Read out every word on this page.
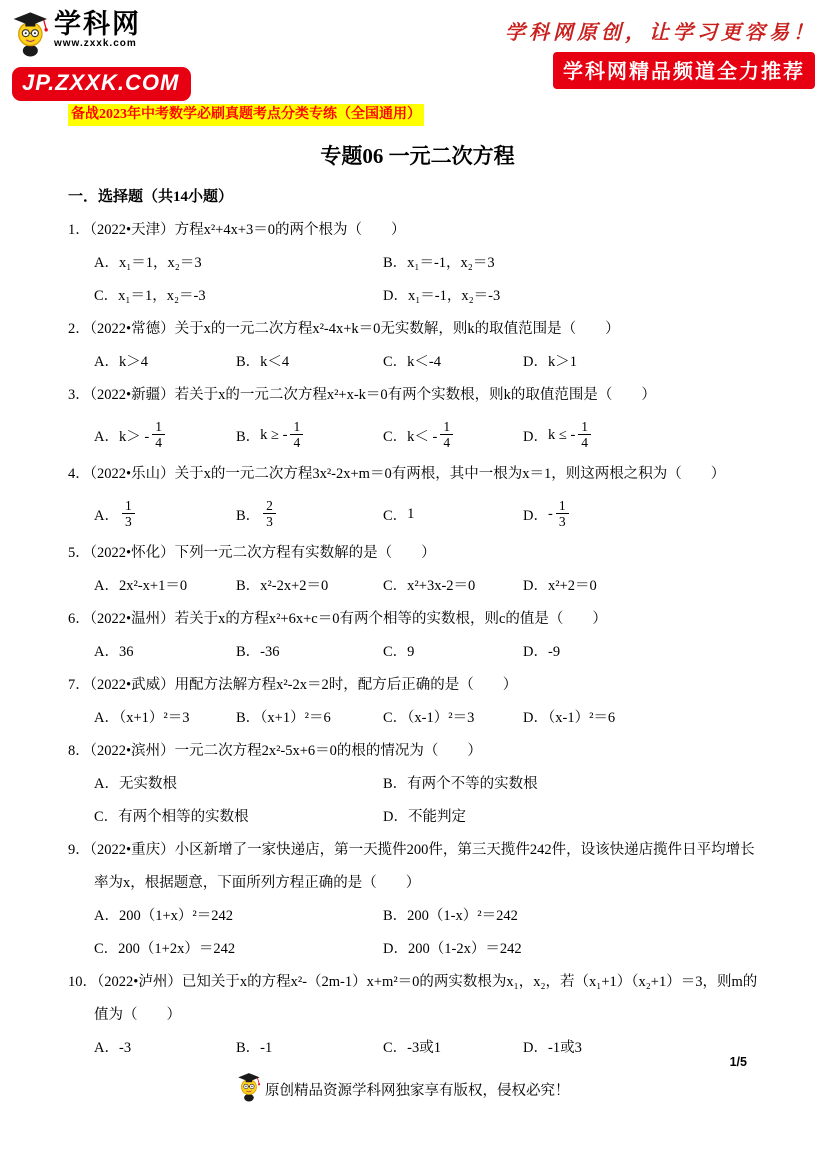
学科网
www.zxxk.com
JP.ZXXK.COM
学科网原创，让学习更容易！
学科网精品频道全力推荐
备战2023年中考数学必刷真题考点分类专练（全国通用）
专题06 一元二次方程
一．选择题（共14小题）
1．（2022•天津）方程x²+4x+3＝0的两个根为（　　）
A．x₁＝1，x₂＝3	B．x₁＝-1，x₂＝3
C．x₁＝1，x₂＝-3	D．x₁＝-1，x₂＝-3
2．（2022•常德）关于x的一元二次方程x²-4x+k＝0无实数解，则k的取值范围是（　　）
A．k＞4	B．k＜4	C．k＜-4	D．k＞1
3．（2022•新疆）若关于x的一元二次方程x²+x-k＝0有两个实数根，则k的取值范围是（　　）
A． $k> - \frac{1}{4}$	B． k ≥ - $\frac{1}{4}$	C． $k< - \frac{1}{4}$	D． k ≤ - $\frac{1}{4}$
4．（2022•乐山）关于x的一元二次方程3x²-2x+m＝0有两根，其中一根为x＝1，则这两根之积为（　　）
A． $\frac{1}{3}$	B． $\frac{2}{3}$	C． 1	D． - $\frac{1}{3}$
5．（2022•怀化）下列一元二次方程有实数解的是（　　）
A．2x²-x+1＝0	B．x²-2x+2＝0	C．x²+3x-2＝0	D．x²+2＝0
6．（2022•温州）若关于x的方程x²+6x+c＝0有两个相等的实数根，则c的值是（　　）
A．36	B．-36	C．9	D．-9
7．（2022•武威）用配方法解方程x²-2x＝2时，配方后正确的是（　　）
A．（x+1）²＝3	B．（x+1）²＝6	C．（x-1）²＝3	D．（x-1）²＝6
8．（2022•滨州）一元二次方程2x²-5x+6＝0的根的情况为（　　）
A．无实数根	B．有两个不等的实数根
C．有两个相等的实数根	D．不能判定
9．（2022•重庆）小区新增了一家快递店，第一天揽件200件，第三天揽件242件，设该快递店揽件日平均增长率为x，根据题意，下面所列方程正确的是（　　）
A．200（1+x）²＝242	B．200（1-x）²＝242
C．200（1+2x）＝242	D．200（1-2x）＝242
10．（2022•泸州）已知关于x的方程x²-（2m-1）x+m²＝0的两实数根为x₁，x₂，若（x₁+1）（x₂+1）＝3，则m的值为（　　）
A．-3	B．-1	C．-3或1	D．-1或3
1/5
原创精品资源学科网独家享有版权，侵权必究！
